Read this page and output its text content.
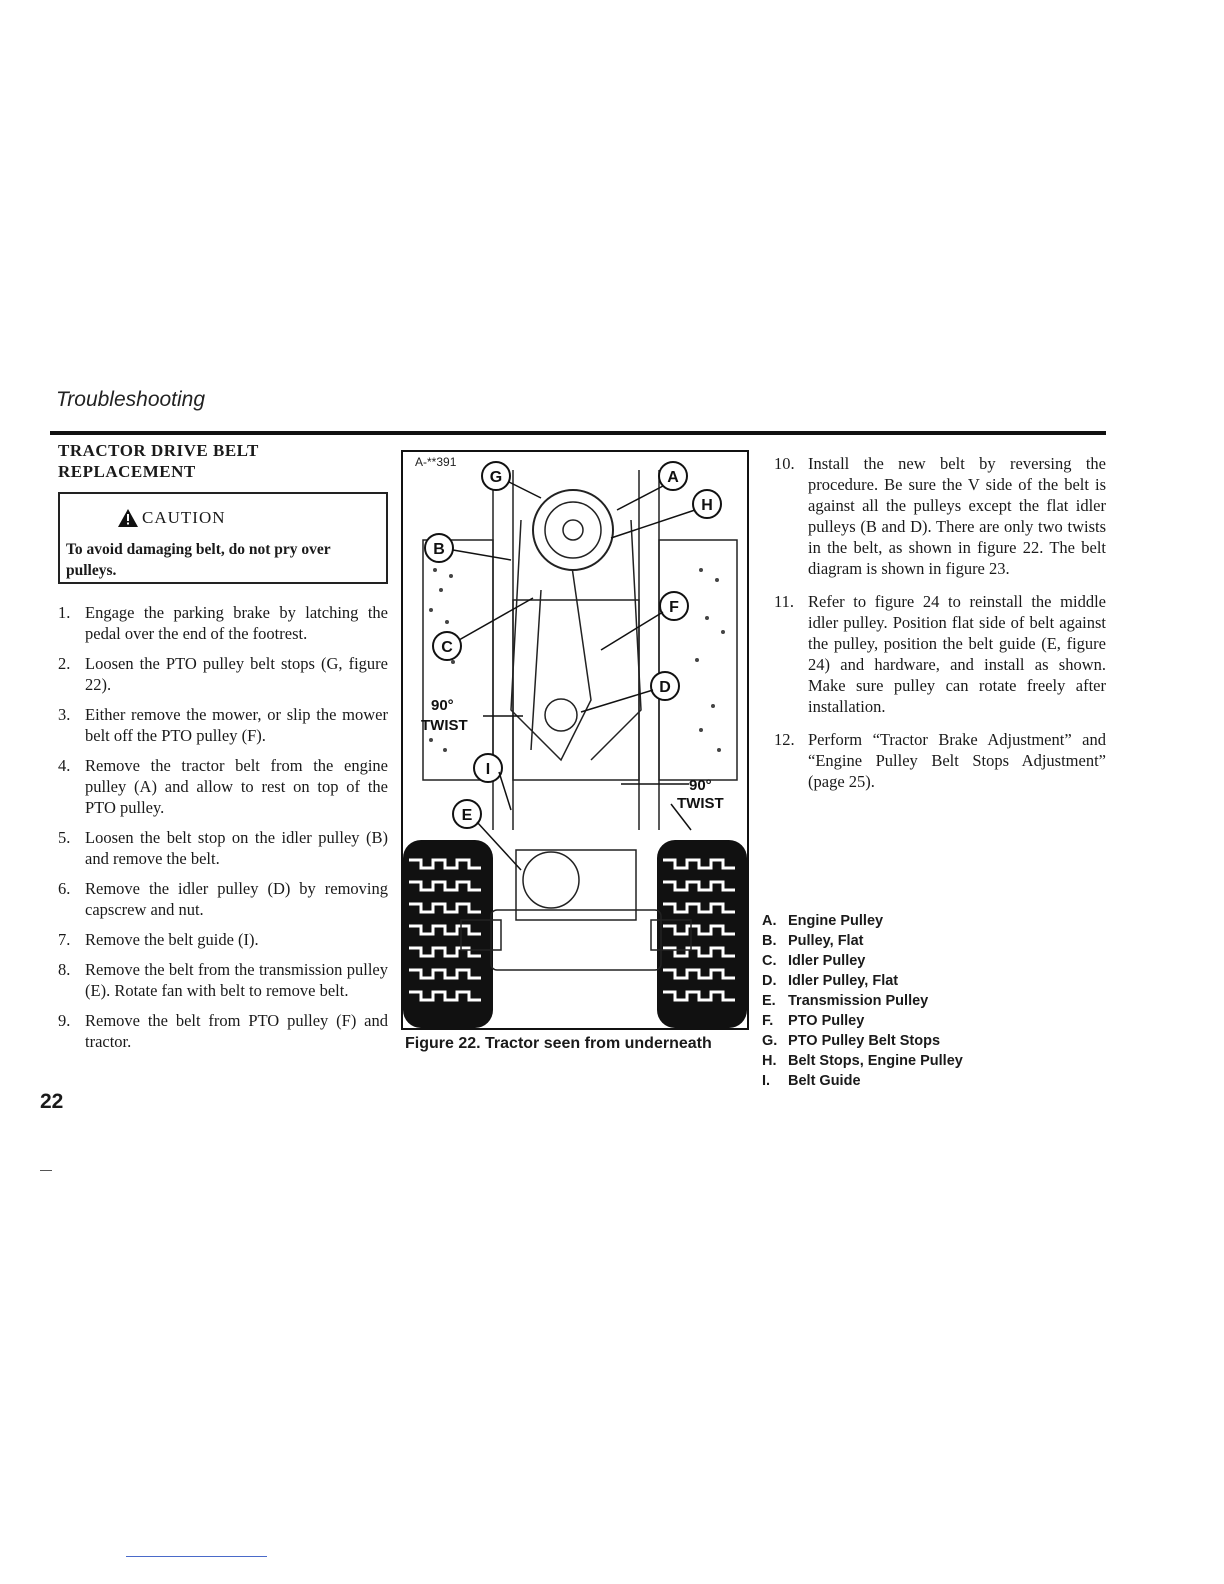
Troubleshooting
TRACTOR DRIVE BELT
REPLACEMENT
CAUTION
To avoid damaging belt, do not pry over pulleys.
1. Engage the parking brake by latching the pedal over the end of the footrest.
2. Loosen the PTO pulley belt stops (G, figure 22).
3. Either remove the mower, or slip the mower belt off the PTO pulley (F).
4. Remove the tractor belt from the engine pulley (A) and allow to rest on top of the PTO pulley.
5. Loosen the belt stop on the idler pulley (B) and remove the belt.
6. Remove the idler pulley (D) by removing capscrew and nut.
7. Remove the belt guide (I).
8. Remove the belt from the transmission pulley (E). Rotate fan with belt to remove belt.
9. Remove the belt from PTO pulley (F) and tractor.
22
A-**391
G	A
H
B
F
C
D
I
E
90°
TWIST
90°
TWIST
Figure 22. Tractor seen from underneath
10. Install the new belt by reversing the procedure. Be sure the V side of the belt is against all the pulleys except the flat idler pulleys (B and D). There are only two twists in the belt, as shown in figure 22. The belt diagram is shown in figure 23.
11. Refer to figure 24 to reinstall the middle idler pulley. Position flat side of belt against the pulley, position the belt guide (E, figure 24) and hardware, and install as shown. Make sure pulley can rotate freely after installation.
12. Perform “Tractor Brake Adjustment” and “Engine Pulley Belt Stops Adjustment” (page 25).
A. Engine Pulley
B. Pulley, Flat
C. Idler Pulley
D. Idler Pulley, Flat
E. Transmission Pulley
F.	PTO Pulley
G. PTO Pulley Belt Stops
H. Belt Stops, Engine Pulley
I.	Belt Guide
